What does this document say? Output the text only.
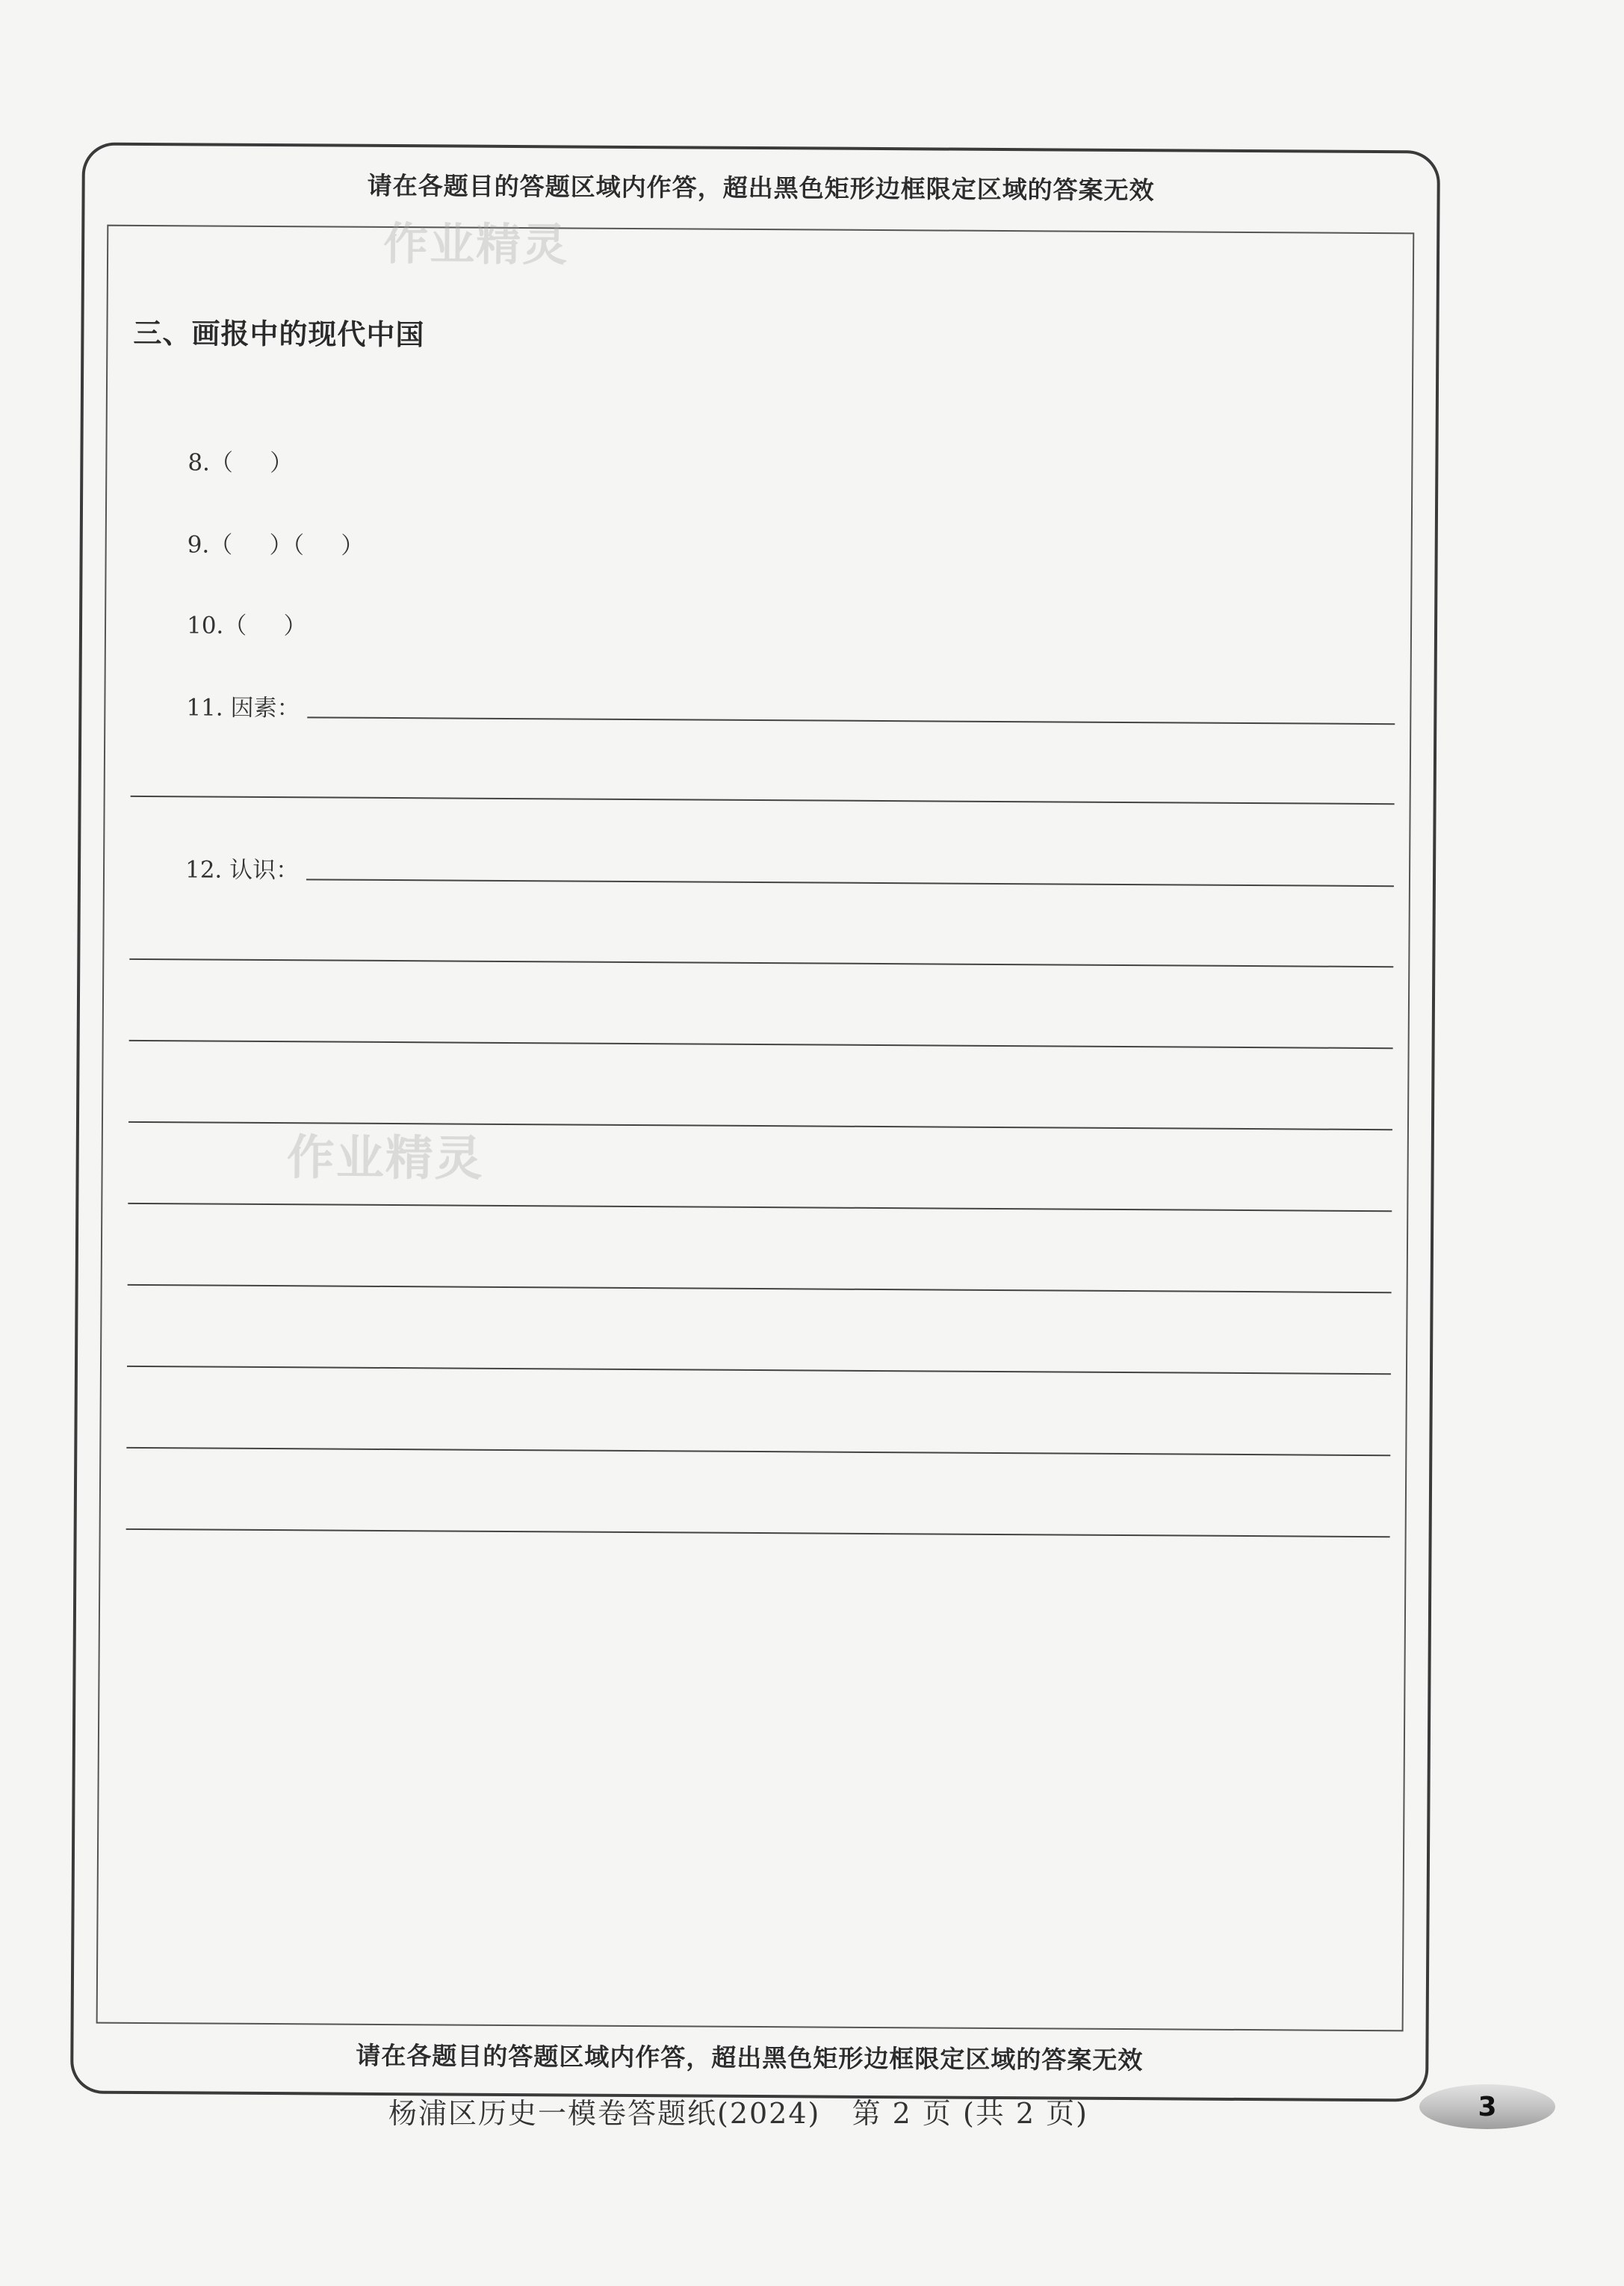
请在各题目的答题区域内作答，超出黑色矩形边框限定区域的答案无效
三、画报中的现代中国
8.（     ）
9.（     ）（     ）
10.（     ）
11. 因素：
12. 认识：
请在各题目的答题区域内作答，超出黑色矩形边框限定区域的答案无效
作业精灵
作业精灵
杨浦区历史一模卷答题纸(2024)   第 2 页 (共 2 页)	3
